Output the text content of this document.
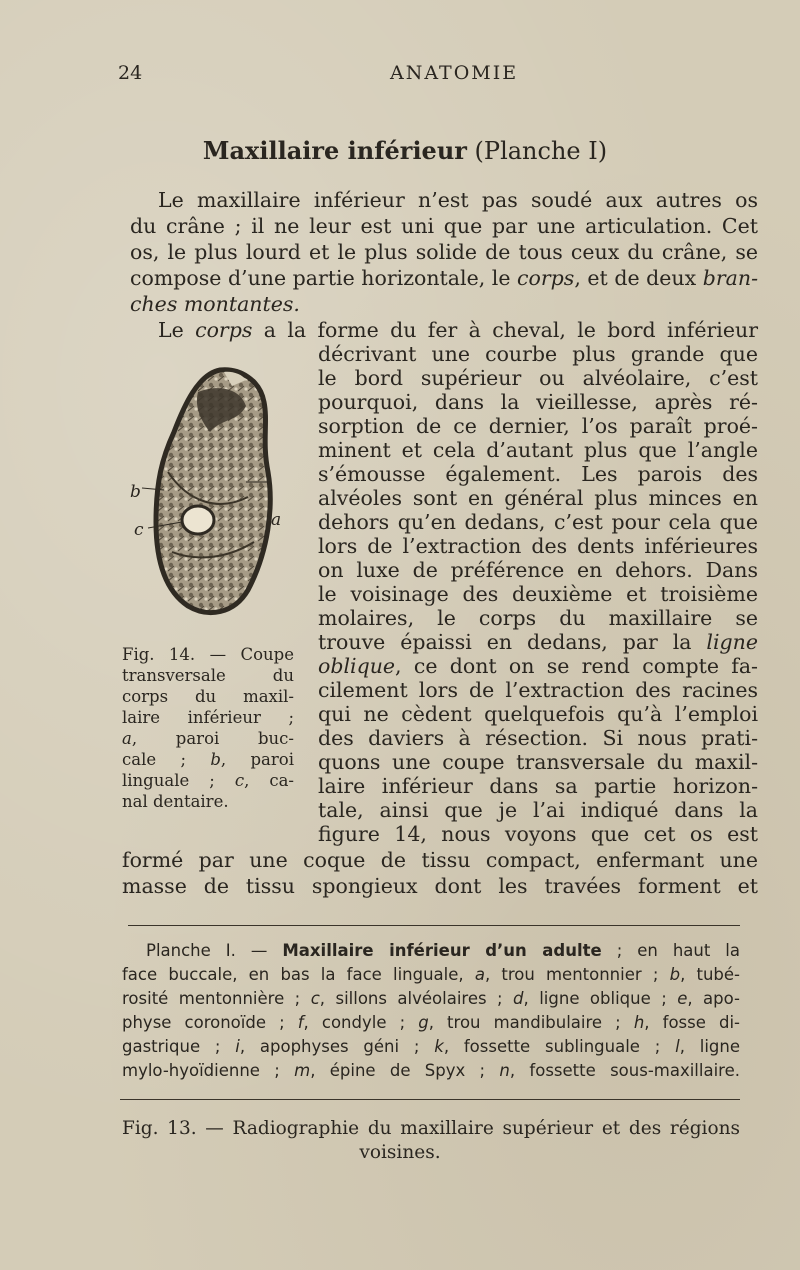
24	ANATOMIE

Maxillaire inférieur (Planche I)

Le maxillaire inférieur n’est pas soudé aux autres os

du crâne ; il ne leur est uni que par une articulation. Cet

os, le plus lourd et le plus solide de tous ceux du crâne, se

compose d’une partie horizontale, le corps, et de deux bran-

ches montantes.

Le corps a la forme du fer à cheval, le bord inférieur

décrivant une courbe plus grande que

le bord supérieur ou alvéolaire, c’est

pourquoi, dans la vieillesse, après ré-

sorption de ce dernier, l’os paraît proé-

minent et cela d’autant plus que l’angle

s’émousse également. Les parois des

alvéoles sont en général plus minces en

dehors qu’en dedans, c’est pour cela que

lors de l’extraction des dents inférieures

on luxe de préférence en dehors. Dans

le voisinage des deuxième et troisième

molaires, le corps du maxillaire se

trouve épaissi en dedans, par la ligne

oblique, ce dont on se rend compte fa-

cilement lors de l’extraction des racines

qui ne cèdent quelquefois qu’à l’emploi

des daviers à résection. Si nous prati-

quons une coupe transversale du maxil-

laire inférieur dans sa partie horizon-

tale, ainsi que je l’ai indiqué dans la

figure 14, nous voyons que cet os est

formé par une coque de tissu compact, enfermant une

masse de tissu spongieux dont les travées forment et

a
b
c

Fig. 14. — Coupe

transversale du

corps du maxil-

laire inférieur ;

a, paroi buc-

cale ; b, paroi

linguale ; c, ca-

nal dentaire.

Planche I. — Maxillaire inférieur d’un adulte ; en haut la

face buccale, en bas la face linguale, a, trou mentonnier ; b, tubé-

rosité mentonnière ; c, sillons alvéolaires ; d, ligne oblique ; e, apo-

physe coronoïde ; f, condyle ; g, trou mandibulaire ; h, fosse di-

gastrique ; i, apophyses géni ; k, fossette sublinguale ; l, ligne

mylo-hyoïdienne ; m, épine de Spyx ; n, fossette sous-maxillaire.

Fig. 13. — Radiographie du maxillaire supérieur et des régions

voisines.
